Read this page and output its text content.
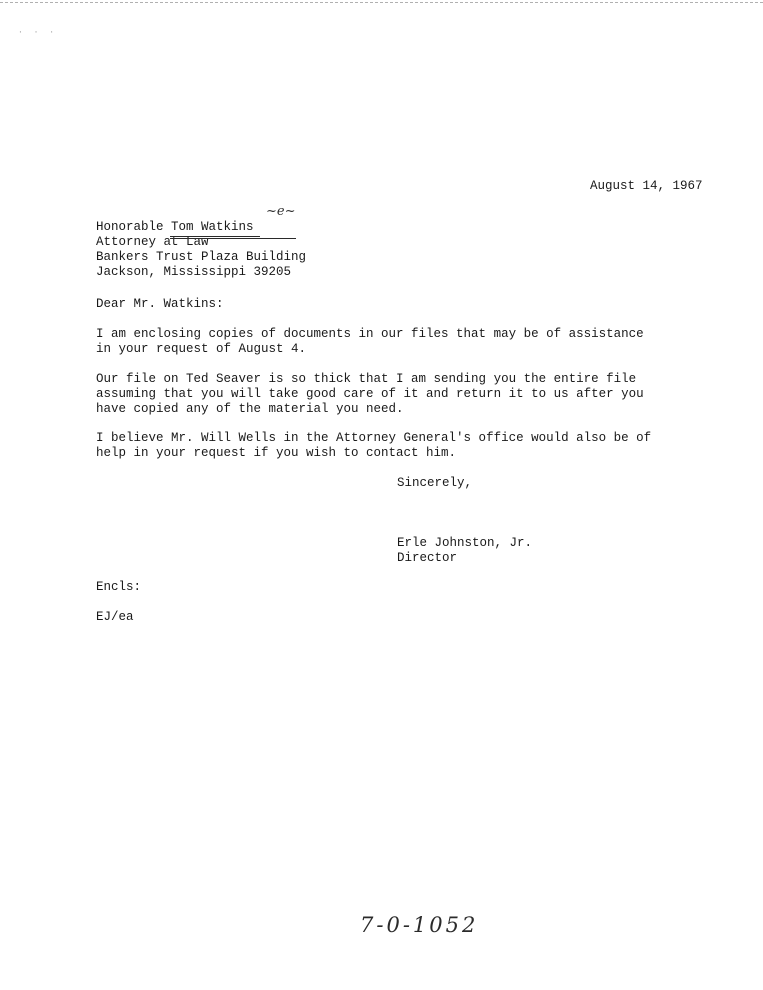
· · ·
August 14, 1967
~e~
Honorable Tom Watkins
Attorney at Law
Bankers Trust Plaza Building
Jackson, Mississippi 39205
Dear Mr. Watkins:
I am enclosing copies of documents in our files that may be of assistance
in your request of August 4.
Our file on Ted Seaver is so thick that I am sending you the entire file
assuming that you will take good care of it and return it to us after you
have copied any of the material you need.
I believe Mr. Will Wells in the Attorney General's office would also be of
help in your request if you wish to contact him.
Sincerely,
Erle Johnston, Jr.
Director
Encls:
EJ/ea
7-0-1052
